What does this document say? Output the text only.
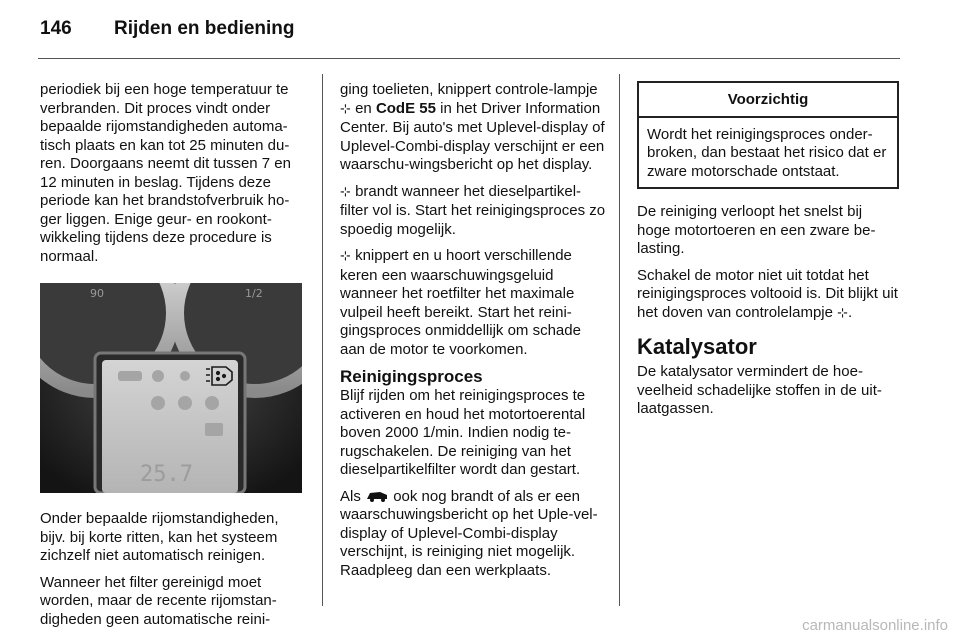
146 Rijden en bediening

periodiek bij een hoge temperatuur te verbranden. Dit proces vindt onder bepaalde rijomstandigheden automa-tisch plaats en kan tot 25 minuten du-ren. Doorgaans neemt dit tussen 7 en 12 minuten in beslag. Tijdens deze periode kan het brandstofverbruik ho-ger liggen. Enige geur- en rookont-wikkeling tijdens deze procedure is normaal.

90	1/2
25.7

Onder bepaalde rijomstandigheden, bijv. bij korte ritten, kan het systeem zichzelf niet automatisch reinigen.

Wanneer het filter gereinigd moet worden, maar de recente rijomstan-digheden geen automatische reini-

ging toelieten, knippert controle-lampje ⊹ en CodE 55 in het Driver Information Center. Bij auto's met Uplevel-display of Uplevel-Combi-display verschijnt er een waarschu-wingsbericht op het display.

⊹ brandt wanneer het dieselpartikel-filter vol is. Start het reinigingsproces zo spoedig mogelijk.

⊹ knippert en u hoort verschillende keren een waarschuwingsgeluid wanneer het roetfilter het maximale vulpeil heeft bereikt. Start het reini-gingsproces onmiddellijk om schade aan de motor te voorkomen.

Reinigingsproces

Blijf rijden om het reinigingsproces te activeren en houd het motortoerental boven 2000 1/min. Indien nodig te-rugschakelen. De reiniging van het dieselpartikelfilter wordt dan gestart.

Als ook nog brandt of als er een waarschuwingsbericht op het Uple-vel-display of Uplevel-Combi-display verschijnt, is reiniging niet mogelijk. Raadpleeg dan een werkplaats.

Voorzichtig
Wordt het reinigingsproces onder-broken, dan bestaat het risico dat er zware motorschade ontstaat.

De reiniging verloopt het snelst bij hoge motortoeren en een zware be-lasting.

Schakel de motor niet uit totdat het reinigingsproces voltooid is. Dit blijkt uit het doven van controlelampje ⊹.

Katalysator

De katalysator vermindert de hoe-veelheid schadelijke stoffen in de uit-laatgassen.

carmanualsonline.info
